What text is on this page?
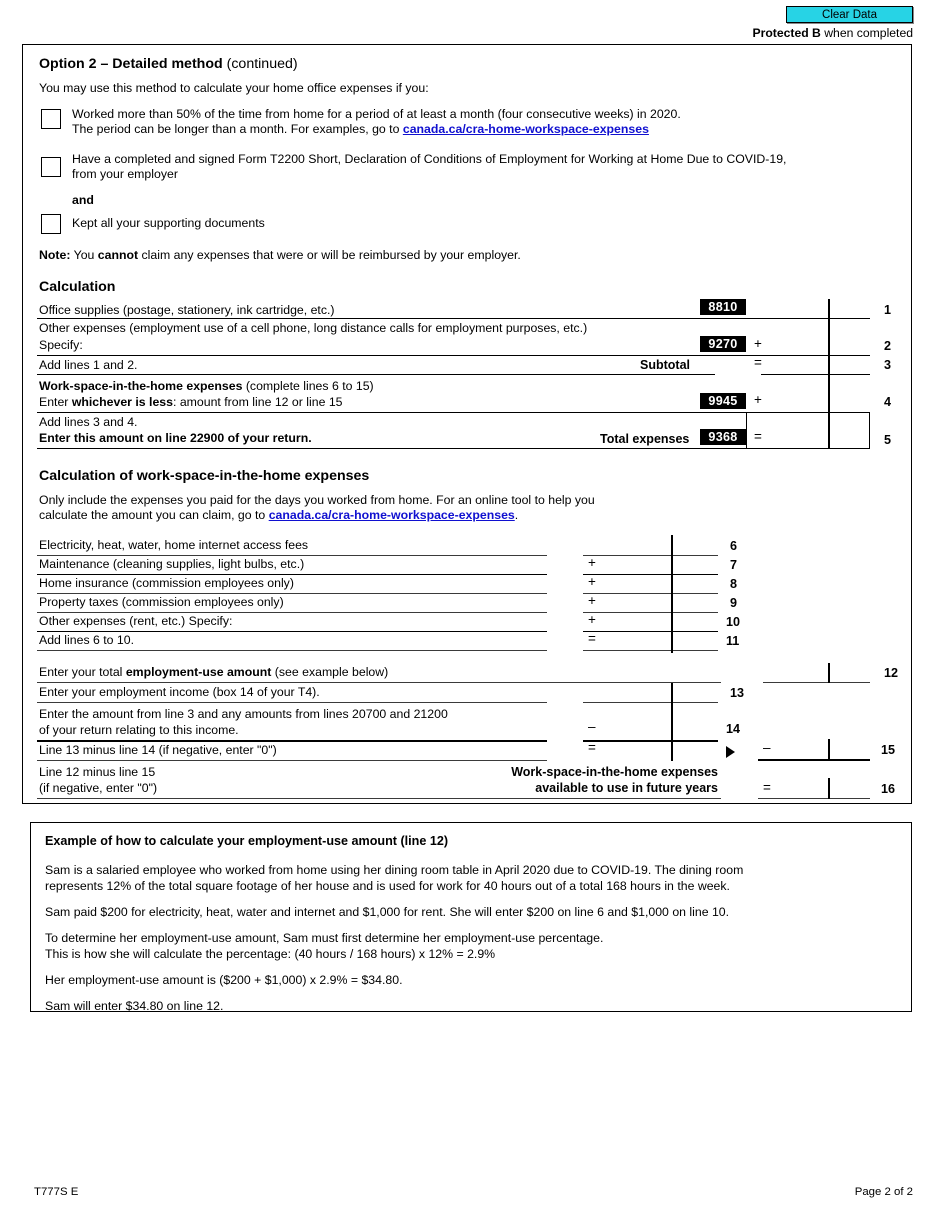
Clear Data
Protected B when completed
Option 2 – Detailed method (continued)
You may use this method to calculate your home office expenses if you:
Worked more than 50% of the time from home for a period of at least a month (four consecutive weeks) in 2020.
The period can be longer than a month. For examples, go to canada.ca/cra-home-workspace-expenses
Have a completed and signed Form T2200 Short, Declaration of Conditions of Employment for Working at Home Due to COVID-19,
from your employer
and
Kept all your supporting documents
Note: You cannot claim any expenses that were or will be reimbursed by your employer.
Calculation
Office supplies (postage, stationery, ink cartridge, etc.)	8810	1
Other expenses (employment use of a cell phone, long distance calls for employment purposes, etc.)
Specify:	9270 +	2
Add lines 1 and 2.	Subtotal	=	3
Work-space-in-the-home expenses (complete lines 6 to 15)
Enter whichever is less: amount from line 12 or line 15	9945 +	4
Add lines 3 and 4.
Enter this amount on line 22900 of your return.	Total expenses 9368 =	5
Calculation of work-space-in-the-home expenses
Only include the expenses you paid for the days you worked from home. For an online tool to help you
calculate the amount you can claim, go to canada.ca/cra-home-workspace-expenses.
Electricity, heat, water, home internet access fees	6
Maintenance (cleaning supplies, light bulbs, etc.)	+	7
Home insurance (commission employees only)	+	8
Property taxes (commission employees only)	+	9
Other expenses (rent, etc.) Specify:	+	10
Add lines 6 to 10.	=	11
Enter your total employment-use amount (see example below)	12
Enter your employment income (box 14 of your T4).	13
Enter the amount from line 3 and any amounts from lines 20700 and 21200
of your return relating to this income.	–	14
Line 13 minus line 14 (if negative, enter "0")	=	–	15
Line 12 minus line 15
(if negative, enter "0")
Work-space-in-the-home expenses
available to use in future years	=	16
Example of how to calculate your employment-use amount (line 12)
Sam is a salaried employee who worked from home using her dining room table in April 2020 due to COVID-19. The dining room
represents 12% of the total square footage of her house and is used for work for 40 hours out of a total 168 hours in the week.
Sam paid $200 for electricity, heat, water and internet and $1,000 for rent. She will enter $200 on line 6 and $1,000 on line 10.
To determine her employment-use amount, Sam must first determine her employment-use percentage.
This is how she will calculate the percentage: (40 hours / 168 hours) x 12% = 2.9%
Her employment-use amount is ($200 + $1,000) x 2.9% = $34.80.
Sam will enter $34.80 on line 12.
T777S E	Page 2 of 2
